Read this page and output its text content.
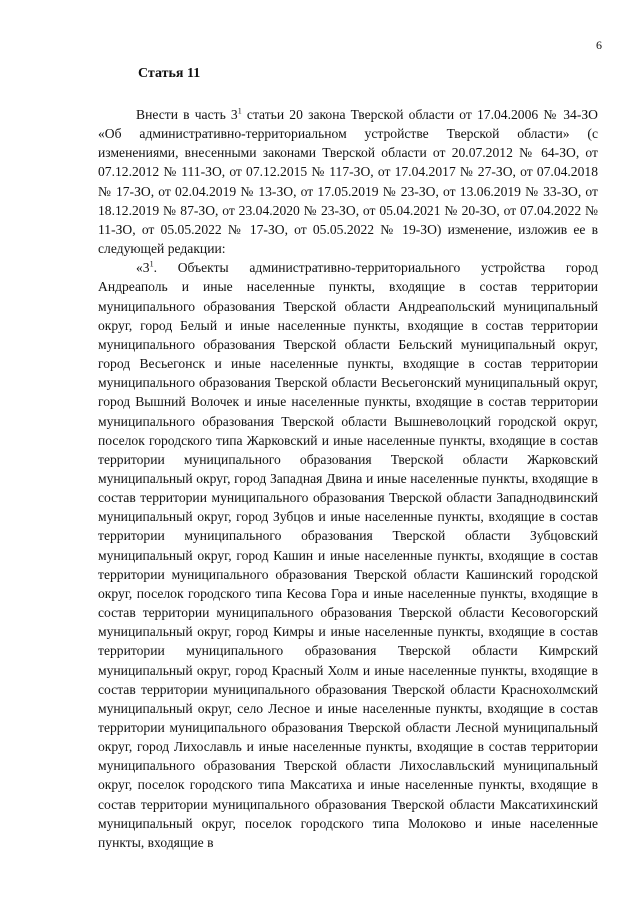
6
Статья 11

Внести в часть $3^1$ статьи 20 закона Тверской области от 17.04.2006 № 34-ЗО «Об административно-территориальном устройстве Тверской области» (с изменениями, внесенными законами Тверской области от 20.07.2012 № 64-ЗО, от 07.12.2012 № 111-ЗО, от 07.12.2015 № 117-ЗО, от 17.04.2017 № 27-ЗО, от 07.04.2018 № 17-ЗО, от 02.04.2019 № 13-ЗО, от 17.05.2019 № 23-ЗО, от 13.06.2019 № 33-ЗО, от 18.12.2019 № 87-ЗО, от 23.04.2020 № 23-ЗО, от 05.04.2021 № 20-ЗО, от 07.04.2022 № 11-ЗО, от 05.05.2022 № 17-ЗО, от 05.05.2022 № 19-ЗО) изменение, изложив ее в следующей редакции:

«$3^1$. Объекты административно-территориального устройства город Андреаполь и иные населенные пункты, входящие в состав территории муниципального образования Тверской области Андреапольский муниципальный округ, город Белый и иные населенные пункты, входящие в состав территории муниципального образования Тверской области Бельский муниципальный округ, город Весьегонск и иные населенные пункты, входящие в состав территории муниципального образования Тверской области Весьегонский муниципальный округ, город Вышний Волочек и иные населенные пункты, входящие в состав территории муниципального образования Тверской области Вышневолоцкий городской округ, поселок городского типа Жарковский и иные населенные пункты, входящие в состав территории муниципального образования Тверской области Жарковский муниципальный округ, город Западная Двина и иные населенные пункты, входящие в состав территории муниципального образования Тверской области Западнодвинский муниципальный округ, город Зубцов и иные населенные пункты, входящие в состав территории муниципального образования Тверской области Зубцовский муниципальный округ, город Кашин и иные населенные пункты, входящие в состав территории муниципального образования Тверской области Кашинский городской округ, поселок городского типа Кесова Гора и иные населенные пункты, входящие в состав территории муниципального образования Тверской области Кесовогорский муниципальный округ, город Кимры и иные населенные пункты, входящие в состав территории муниципального образования Тверской области Кимрский муниципальный округ, город Красный Холм и иные населенные пункты, входящие в состав территории муниципального образования Тверской области Краснохолмский муниципальный округ, село Лесное и иные населенные пункты, входящие в состав территории муниципального образования Тверской области Лесной муниципальный округ, город Лихославль и иные населенные пункты, входящие в состав территории муниципального образования Тверской области Лихославльский муниципальный округ, поселок городского типа Максатиха и иные населенные пункты, входящие в состав территории муниципального образования Тверской области Максатихинский муниципальный округ, поселок городского типа Молоково и иные населенные пункты, входящие в
